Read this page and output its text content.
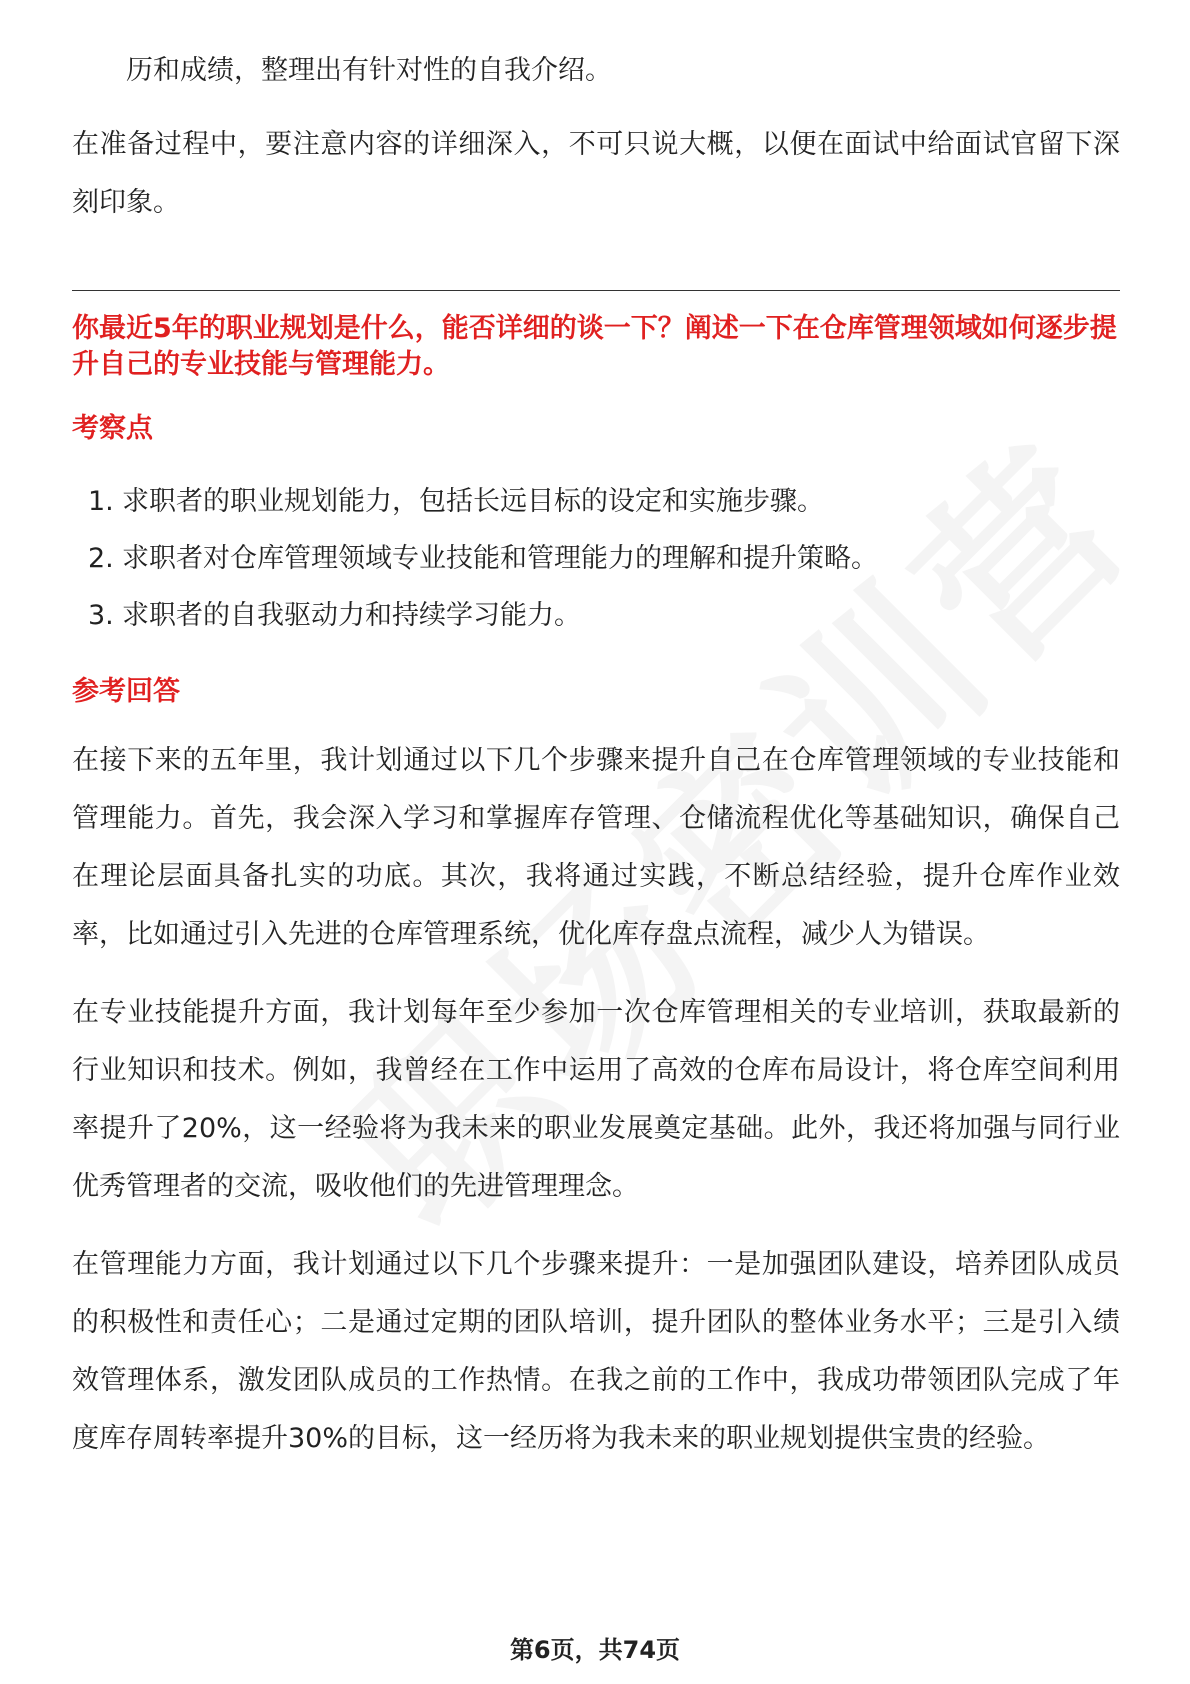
历和成绩，整理出有针对性的自我介绍。

在准备过程中，要注意内容的详细深入，不可只说大概，以便在面试中给面试官留下深刻印象。

你最近5年的职业规划是什么，能否详细的谈一下？阐述一下在仓库管理领域如何逐步提升自己的专业技能与管理能力。
考察点
1. 求职者的职业规划能力，包括长远目标的设定和实施步骤。
2. 求职者对仓库管理领域专业技能和管理能力的理解和提升策略。
3. 求职者的自我驱动力和持续学习能力。
参考回答

在接下来的五年里，我计划通过以下几个步骤来提升自己在仓库管理领域的专业技能和管理能力。首先，我会深入学习和掌握库存管理、仓储流程优化等基础知识，确保自己在理论层面具备扎实的功底。其次，我将通过实践，不断总结经验，提升仓库作业效率，比如通过引入先进的仓库管理系统，优化库存盘点流程，减少人为错误。

在专业技能提升方面，我计划每年至少参加一次仓库管理相关的专业培训，获取最新的行业知识和技术。例如，我曾经在工作中运用了高效的仓库布局设计，将仓库空间利用率提升了20%，这一经验将为我未来的职业发展奠定基础。此外，我还将加强与同行业优秀管理者的交流，吸收他们的先进管理理念。

在管理能力方面，我计划通过以下几个步骤来提升：一是加强团队建设，培养团队成员的积极性和责任心；二是通过定期的团队培训，提升团队的整体业务水平；三是引入绩效管理体系，激发团队成员的工作热情。在我之前的工作中，我成功带领团队完成了年度库存周转率提升30%的目标，这一经历将为我未来的职业规划提供宝贵的经验。

第6页，共74页
